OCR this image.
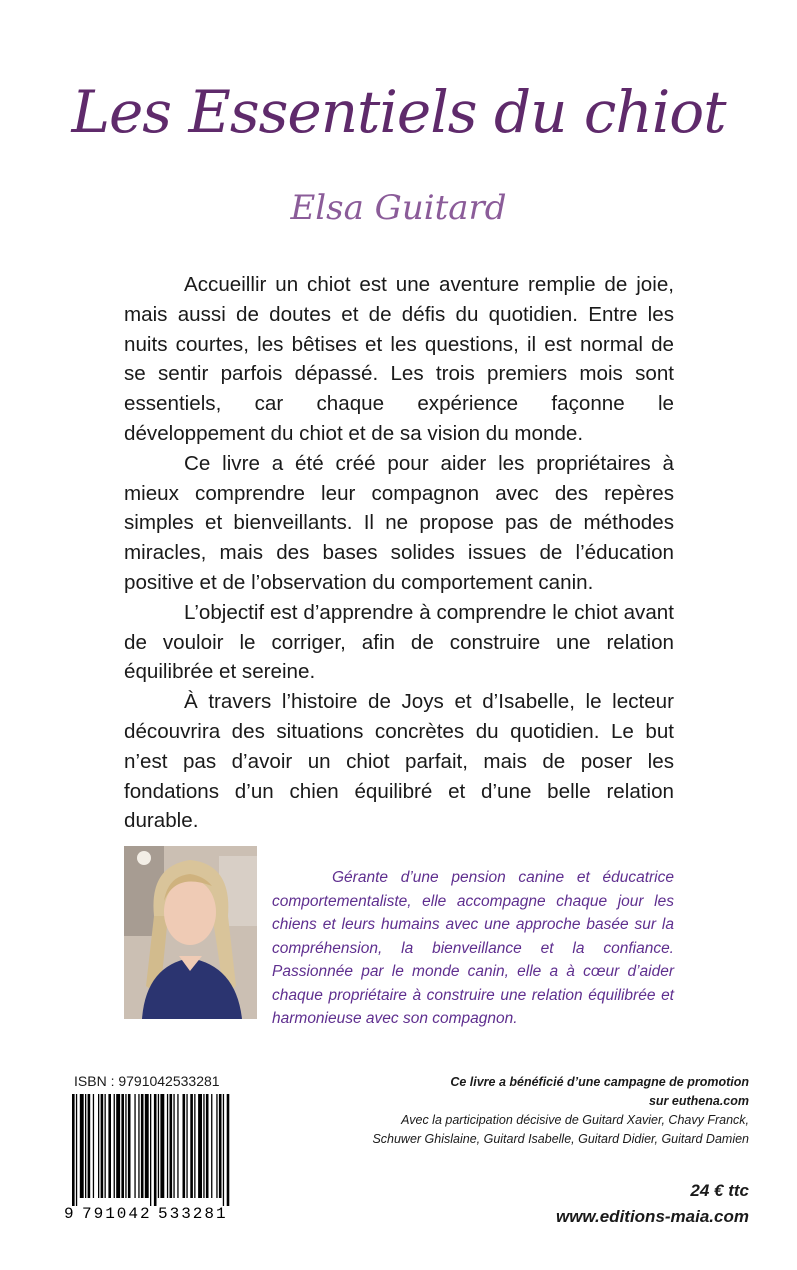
Les Essentiels du chiot
Elsa Guitard

Accueillir un chiot est une aventure remplie de joie, mais aussi de doutes et de défis du quotidien. Entre les nuits courtes, les bêtises et les questions, il est normal de se sentir parfois dépassé. Les trois premiers mois sont essentiels, car chaque expérience façonne le développement du chiot et de sa vision du monde.

Ce livre a été créé pour aider les propriétaires à mieux comprendre leur compagnon avec des repères simples et bienveillants. Il ne propose pas de méthodes miracles, mais des bases solides issues de l’éducation positive et de l’observation du comportement canin.

L’objectif est d’apprendre à comprendre le chiot avant de vouloir le corriger, afin de construire une relation équilibrée et sereine.

À travers l’histoire de Joys et d’Isabelle, le lecteur découvrira des situations concrètes du quotidien. Le but n’est pas d’avoir un chiot parfait, mais de poser les fondations d’un chien équilibré et d’une belle relation durable.

Gérante d’une pension canine et éducatrice comportementaliste, elle accompagne chaque jour les chiens et leurs humains avec une approche basée sur la compréhension, la bienveillance et la confiance. Passionnée par le monde canin, elle a à cœur d’aider chaque propriétaire à construire une relation équilibrée et harmonieuse avec son compagnon.

ISBN : 9791042533281
9 791042 533281
Ce livre a bénéficié d’une campagne de promotion
sur euthena.com
Avec la participation décisive de Guitard Xavier, Chavy Franck,
Schuwer Ghislaine, Guitard Isabelle, Guitard Didier, Guitard Damien
24 € ttc
www.editions-maia.com
